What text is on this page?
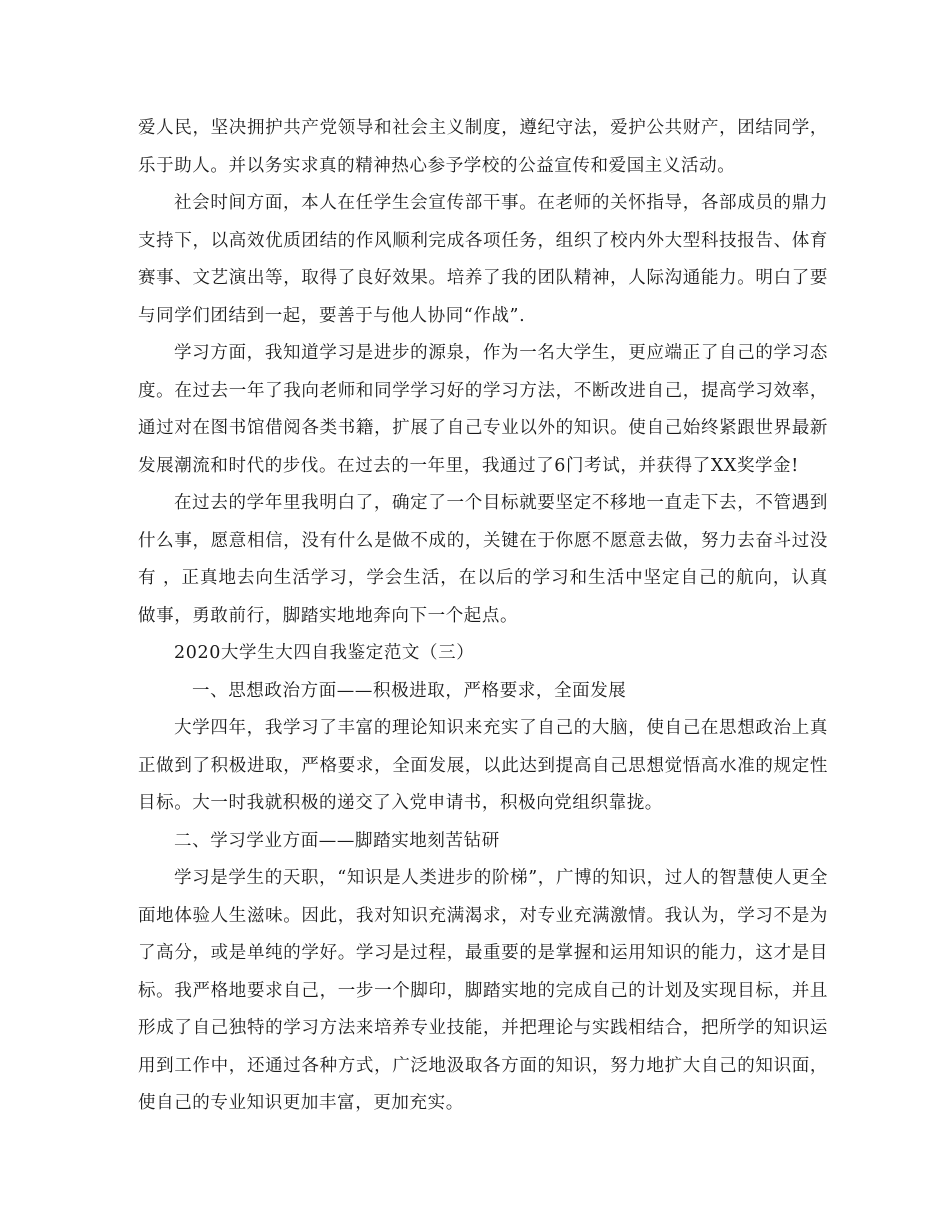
爱人民，坚决拥护共产党领导和社会主义制度，遵纪守法，爱护公共财产，团结同学，乐于助人。并以务实求真的精神热心参予学校的公益宣传和爱国主义活动。

社会时间方面，本人在任学生会宣传部干事。在老师的关怀指导，各部成员的鼎力支持下，以高效优质团结的作风顺利完成各项任务，组织了校内外大型科技报告、体育赛事、文艺演出等，取得了良好效果。培养了我的团队精神，人际沟通能力。明白了要与同学们团结到一起，要善于与他人协同“作战”.

学习方面，我知道学习是进步的源泉，作为一名大学生，更应端正了自己的学习态度。在过去一年了我向老师和同学学习好的学习方法，不断改进自己，提高学习效率，通过对在图书馆借阅各类书籍，扩展了自己专业以外的知识。使自己始终紧跟世界最新发展潮流和时代的步伐。在过去的一年里，我通过了6门考试，并获得了XX奖学金!

在过去的学年里我明白了，确定了一个目标就要坚定不移地一直走下去，不管遇到什么事，愿意相信，没有什么是做不成的，关键在于你愿不愿意去做，努力去奋斗过没有 ，正真地去向生活学习，学会生活，在以后的学习和生活中坚定自己的航向，认真做事，勇敢前行，脚踏实地地奔向下一个起点。

2020大学生大四自我鉴定范文（三）

一、思想政治方面——积极进取，严格要求，全面发展

大学四年，我学习了丰富的理论知识来充实了自己的大脑，使自己在思想政治上真正做到了积极进取，严格要求，全面发展，以此达到提高自己思想觉悟高水准的规定性目标。大一时我就积极的递交了入党申请书，积极向党组织靠拢。

二、学习学业方面——脚踏实地刻苦钻研

学习是学生的天职，“知识是人类进步的阶梯”，广博的知识，过人的智慧使人更全面地体验人生滋味。因此，我对知识充满渴求，对专业充满激情。我认为，学习不是为了高分，或是单纯的学好。学习是过程，最重要的是掌握和运用知识的能力，这才是目标。我严格地要求自己，一步一个脚印，脚踏实地的完成自己的计划及实现目标，并且形成了自己独特的学习方法来培养专业技能，并把理论与实践相结合，把所学的知识运用到工作中，还通过各种方式，广泛地汲取各方面的知识，努力地扩大自己的知识面，使自己的专业知识更加丰富，更加充实。
